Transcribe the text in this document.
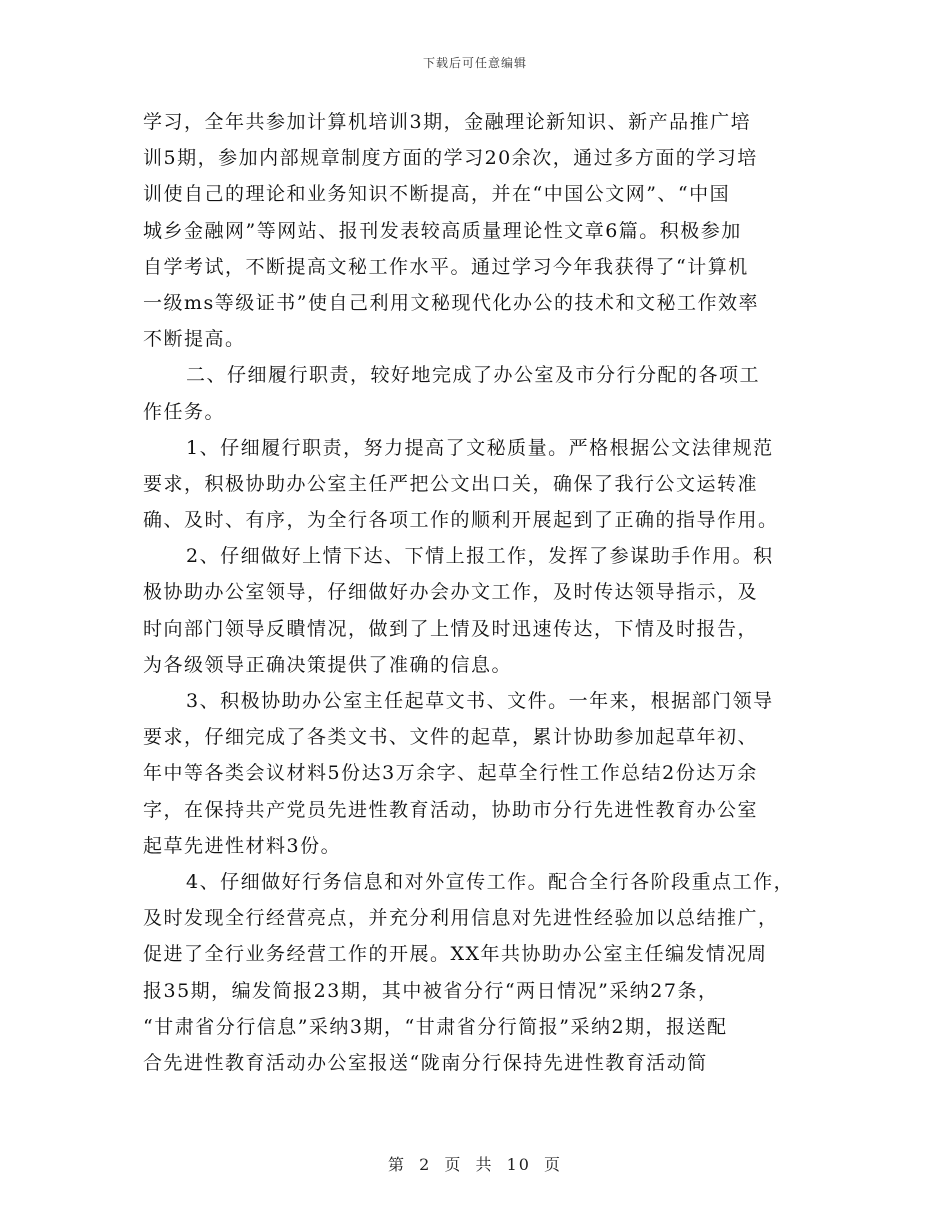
下载后可任意编辑
学习，全年共参加计算机培训3期，金融理论新知识、新产品推广培
训5期，参加内部规章制度方面的学习20余次，通过多方面的学习培
训使自己的理论和业务知识不断提高，并在“中国公文网”、“中国
城乡金融网”等网站、报刊发表较高质量理论性文章6篇。积极参加
自学考试，不断提高文秘工作水平。通过学习今年我获得了“计算机
一级ms等级证书”使自己利用文秘现代化办公的技术和文秘工作效率
不断提高。
二、仔细履行职责，较好地完成了办公室及市分行分配的各项工
作任务。
1、仔细履行职责，努力提高了文秘质量。严格根据公文法律规范
要求，积极协助办公室主任严把公文出口关，确保了我行公文运转准
确、及时、有序，为全行各项工作的顺利开展起到了正确的指导作用。
2、仔细做好上情下达、下情上报工作，发挥了参谋助手作用。积
极协助办公室领导，仔细做好办会办文工作，及时传达领导指示，及
时向部门领导反瞶情况，做到了上情及时迅速传达，下情及时报告，
为各级领导正确决策提供了准确的信息。
3、积极协助办公室主任起草文书、文件。一年来，根据部门领导
要求，仔细完成了各类文书、文件的起草，累计协助参加起草年初、
年中等各类会议材料5份达3万余字、起草全行性工作总结2份达万余
字，在保持共产党员先进性教育活动，协助市分行先进性教育办公室
起草先进性材料3份。
4、仔细做好行务信息和对外宣传工作。配合全行各阶段重点工作，
及时发现全行经营亮点，并充分利用信息对先进性经验加以总结推广，
促进了全行业务经营工作的开展。XX年共协助办公室主任编发情况周
报35期，编发简报23期，其中被省分行“两日情况”采纳27条，
“甘肃省分行信息”采纳3期，“甘肃省分行简报”采纳2期，报送配
合先进性教育活动办公室报送“陇南分行保持先进性教育活动简
第 2 页 共 10 页
